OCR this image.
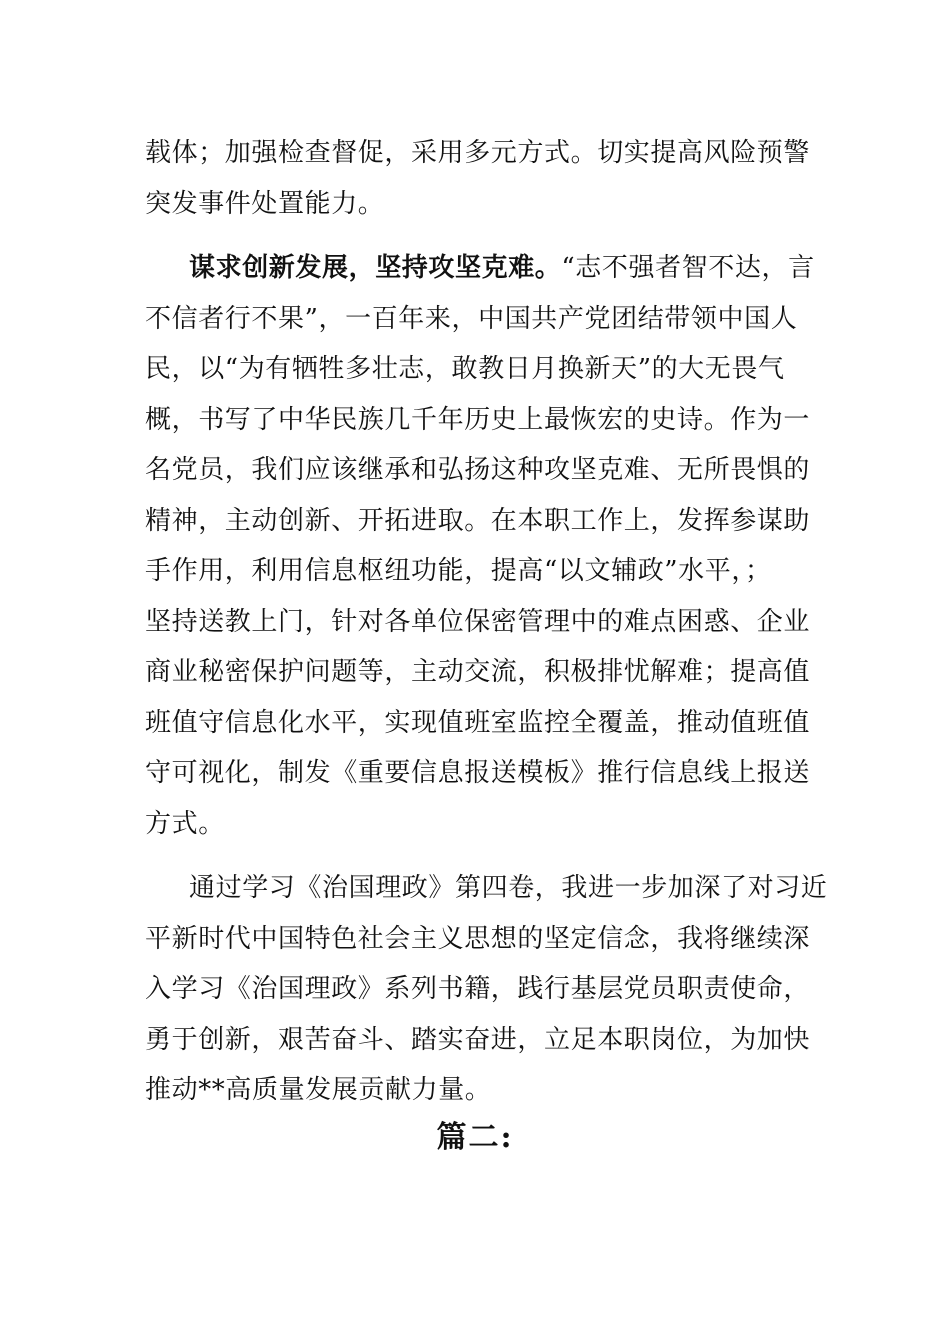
载体；加强检查督促，采用多元方式。切实提高风险预警
突发事件处置能力。
谋求创新发展，坚持攻坚克难。“志不强者智不达，言
不信者行不果”，一百年来，中国共产党团结带领中国人
民，以“为有牺牲多壮志，敢教日月换新天”的大无畏气
概，书写了中华民族几千年历史上最恢宏的史诗。作为一
名党员，我们应该继承和弘扬这种攻坚克难、无所畏惧的
精神，主动创新、开拓进取。在本职工作上，发挥参谋助
手作用，利用信息枢纽功能，提高“以文辅政”水平，；
坚持送教上门，针对各单位保密管理中的难点困惑、企业
商业秘密保护问题等，主动交流，积极排忧解难；提高值
班值守信息化水平，实现值班室监控全覆盖，推动值班值
守可视化，制发《重要信息报送模板》推行信息线上报送
方式。
通过学习《治国理政》第四卷，我进一步加深了对习近
平新时代中国特色社会主义思想的坚定信念，我将继续深
入学习《治国理政》系列书籍，践行基层党员职责使命，
勇于创新，艰苦奋斗、踏实奋进，立足本职岗位，为加快
推动**高质量发展贡献力量。
篇二:
